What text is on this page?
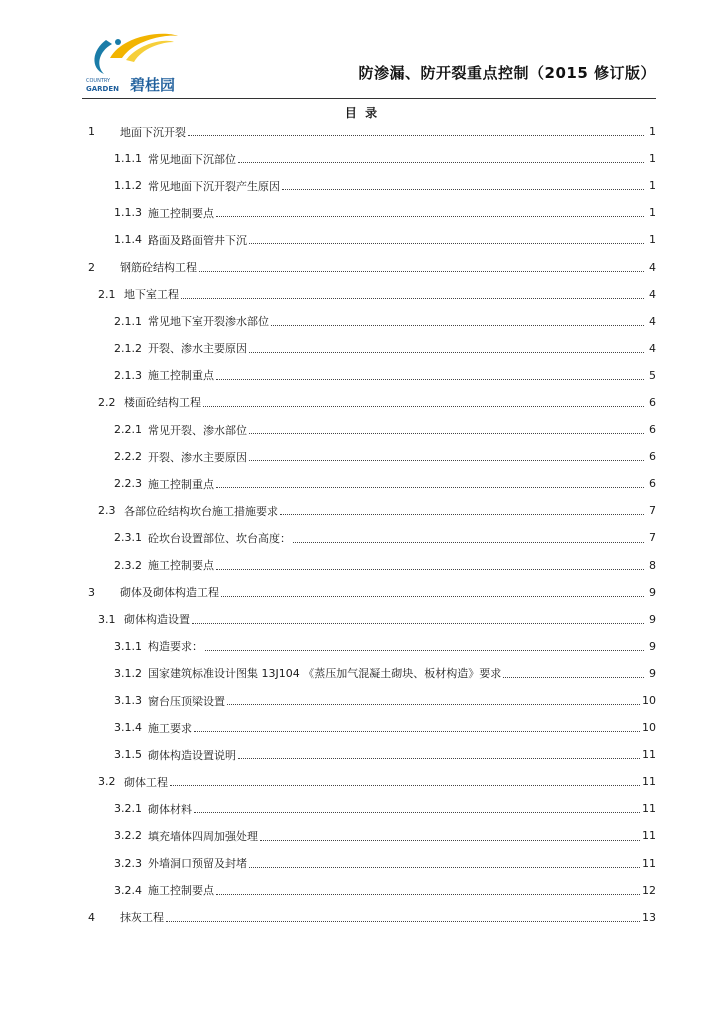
COUNTRY
GARDEN 碧桂园
防渗漏、防开裂重点控制（2015 修订版）
目 录
1	地面下沉开裂	1
1.1.1 常见地面下沉部位	1
1.1.2 常见地面下沉开裂产生原因	1
1.1.3 施工控制要点	1
1.1.4 路面及路面管井下沉	1
2	钢筋砼结构工程	4
2.1 地下室工程	4
2.1.1 常见地下室开裂渗水部位	4
2.1.2 开裂、渗水主要原因	4
2.1.3 施工控制重点	5
2.2 楼面砼结构工程	6
2.2.1 常见开裂、渗水部位	6
2.2.2 开裂、渗水主要原因	6
2.2.3 施工控制重点	6
2.3 各部位砼结构坎台施工措施要求	7
2.3.1 砼坎台设置部位、坎台高度：	7
2.3.2 施工控制要点	8
3	砌体及砌体构造工程	9
3.1 砌体构造设置	9
3.1.1 构造要求：	9
3.1.2 国家建筑标准设计图集 13J104 《蒸压加气混凝土砌块、板材构造》要求	9
3.1.3 窗台压顶梁设置	10
3.1.4 施工要求	10
3.1.5 砌体构造设置说明	11
3.2 砌体工程	11
3.2.1 砌体材料	11
3.2.2 填充墙体四周加强处理	11
3.2.3 外墙洞口预留及封堵	11
3.2.4 施工控制要点	12
4	抹灰工程	13
